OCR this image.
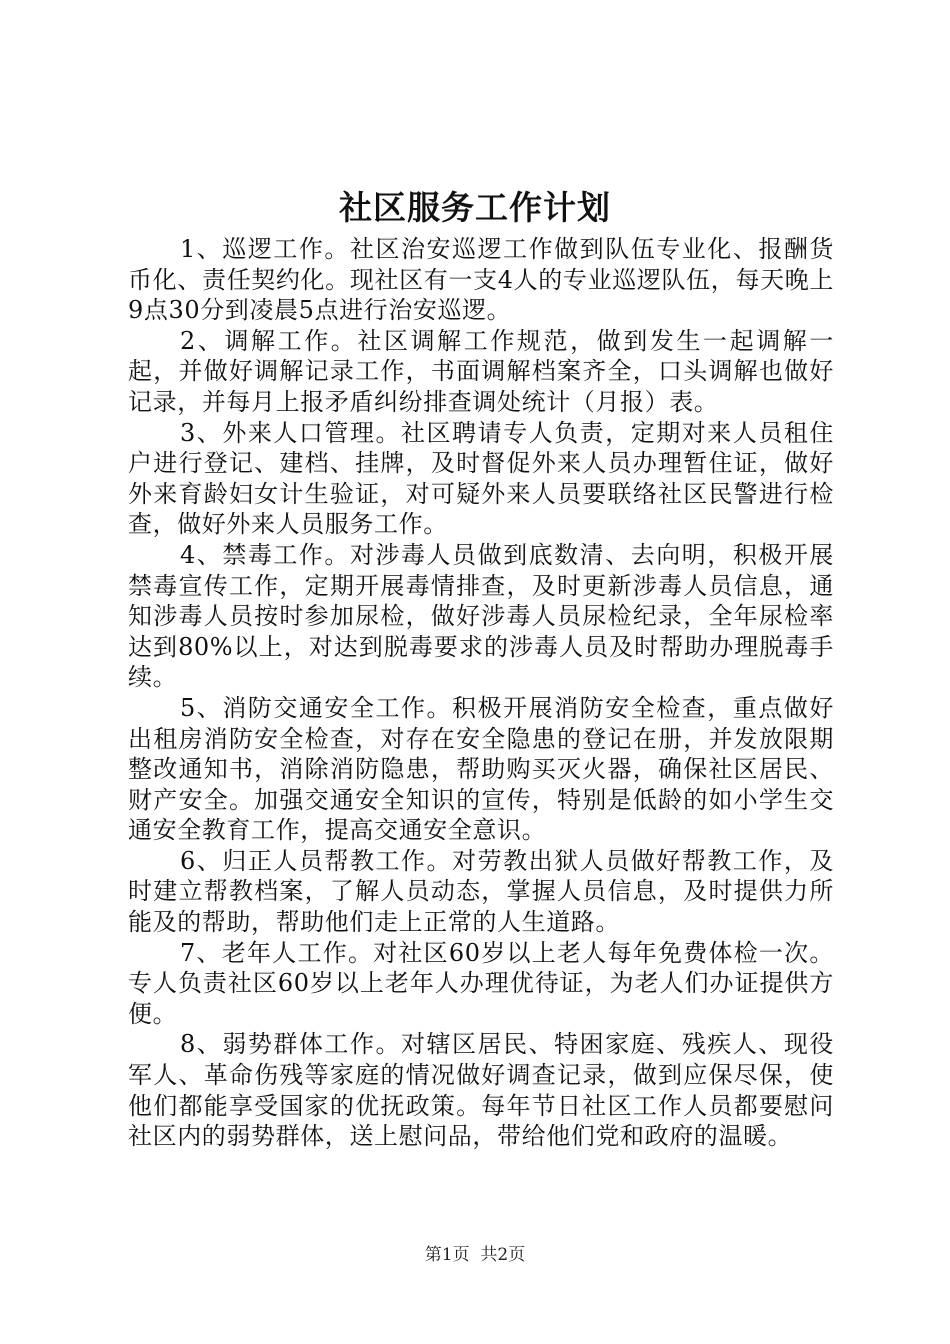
社区服务工作计划

1、巡逻工作。社区治安巡逻工作做到队伍专业化、报酬货币化、责任契约化。现社区有一支4人的专业巡逻队伍，每天晚上9点30分到凌晨5点进行治安巡逻。

2、调解工作。社区调解工作规范，做到发生一起调解一起，并做好调解记录工作，书面调解档案齐全，口头调解也做好记录，并每月上报矛盾纠纷排查调处统计（月报）表。

3、外来人口管理。社区聘请专人负责，定期对来人员租住户进行登记、建档、挂牌，及时督促外来人员办理暂住证，做好外来育龄妇女计生验证，对可疑外来人员要联络社区民警进行检查，做好外来人员服务工作。

4、禁毒工作。对涉毒人员做到底数清、去向明，积极开展禁毒宣传工作，定期开展毒情排查，及时更新涉毒人员信息，通知涉毒人员按时参加尿检，做好涉毒人员尿检纪录，全年尿检率达到80%以上，对达到脱毒要求的涉毒人员及时帮助办理脱毒手续。

5、消防交通安全工作。积极开展消防安全检查，重点做好出租房消防安全检查，对存在安全隐患的登记在册，并发放限期整改通知书，消除消防隐患，帮助购买灭火器，确保社区居民、财产安全。加强交通安全知识的宣传，特别是低龄的如小学生交通安全教育工作，提高交通安全意识。

6、归正人员帮教工作。对劳教出狱人员做好帮教工作，及时建立帮教档案，了解人员动态，掌握人员信息，及时提供力所能及的帮助，帮助他们走上正常的人生道路。

7、老年人工作。对社区60岁以上老人每年免费体检一次。专人负责社区60岁以上老年人办理优待证，为老人们办证提供方便。

8、弱势群体工作。对辖区居民、特困家庭、残疾人、现役军人、革命伤残等家庭的情况做好调查记录，做到应保尽保，使他们都能享受国家的优抚政策。每年节日社区工作人员都要慰问社区内的弱势群体，送上慰问品，带给他们党和政府的温暖。

第1页  共2页
